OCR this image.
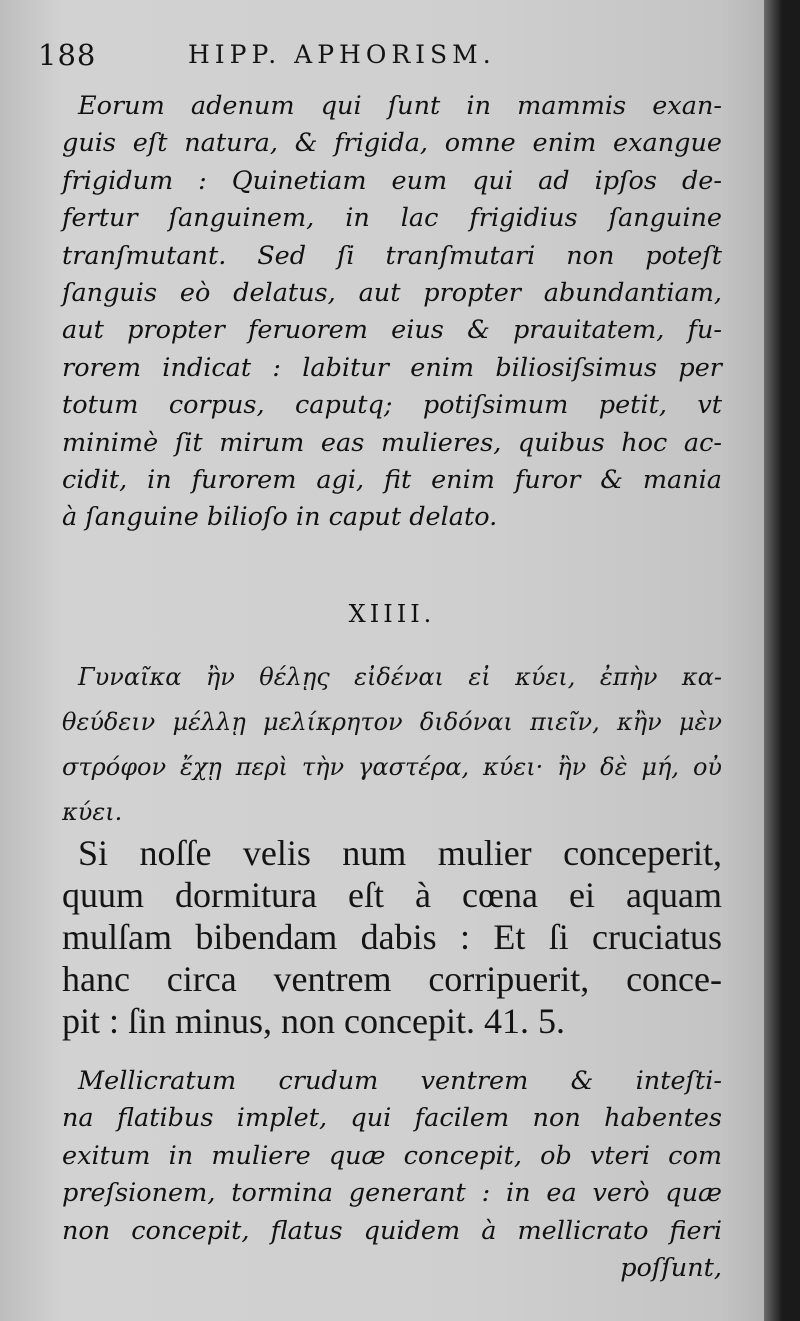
188	HIPP. APHORISM.
Eorum adenum qui ſunt in mammis exan-
guis eſt natura, & frigida, omne enim exangue
frigidum : Quinetiam eum qui ad ipſos de-
fertur ſanguinem, in lac frigidius ſanguine
tranſmutant. Sed ſi tranſmutari non poteſt
ſanguis eò delatus, aut propter abundantiam,
aut propter feruorem eius & prauitatem, fu-
rorem indicat : labitur enim biliosiſsimus per
totum corpus, caputq; potiſsimum petit, vt
minimè ſit mirum eas mulieres, quibus hoc ac-
cidit, in furorem agi, fit enim furor & mania
à ſanguine bilioſo in caput delato.
XIIII.
Γυναῖκα ἢν θέλῃς εἰδέναι εἰ κύει, ἐπὴν κα-
θεύδειν μέλλῃ μελίκρητον διδόναι πιεῖν, κἢν μὲν
στρόφον ἔχῃ περὶ τὴν γαστέρα, κύει· ἢν δὲ μή, οὐ
κύει.
Si noſſe velis num mulier conceperit,
quum dormitura eſt à cœna ei aquam
mulſam bibendam dabis : Et ſi cruciatus
hanc circa ventrem corripuerit, conce-
pit : ſin minus, non concepit. 41. 5.
Mellicratum crudum ventrem & inteſti-
na flatibus implet, qui facilem non habentes
exitum in muliere quæ concepit, ob vteri com
preſsionem, tormina generant : in ea verò quæ
non concepit, flatus quidem à mellicrato fieri
poſſunt,
